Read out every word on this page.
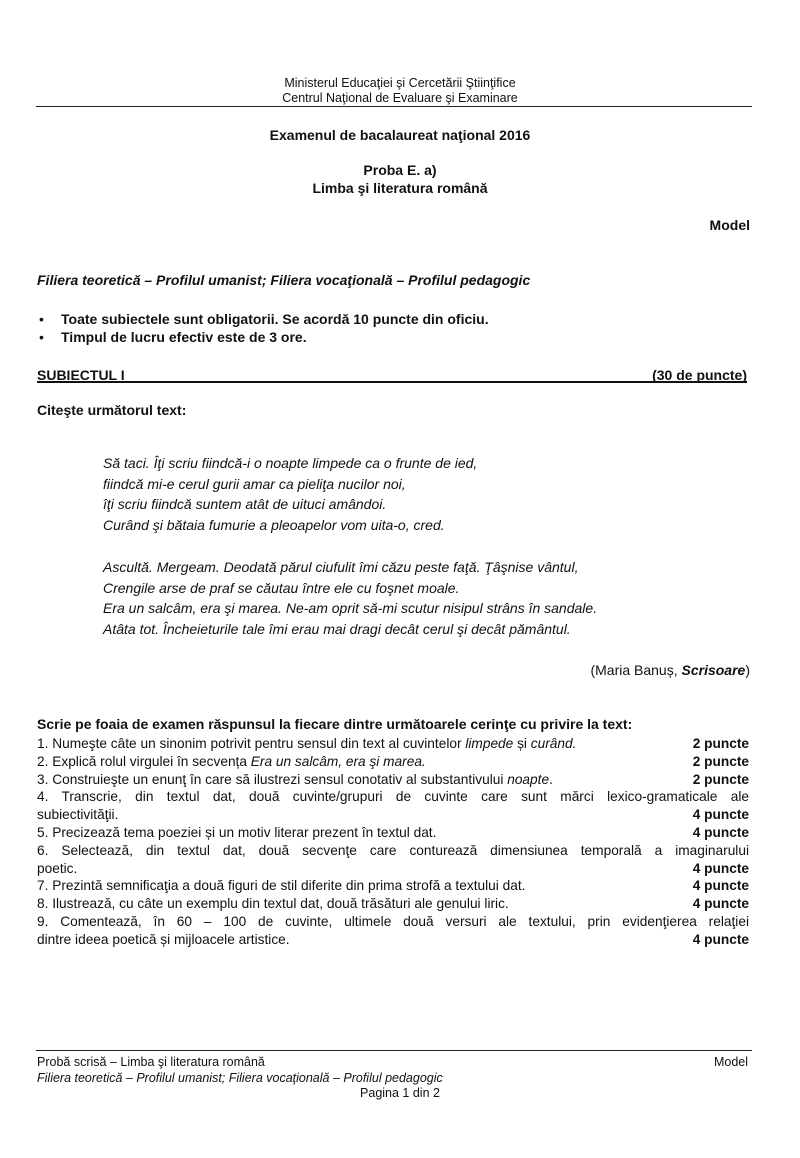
Ministerul Educaţiei şi Cercetării Ştiinţifice
Centrul Naţional de Evaluare şi Examinare
Examenul de bacalaureat naţional 2016
Proba E. a)
Limba şi literatura română
Model
Filiera teoretică – Profilul umanist; Filiera vocaţională – Profilul pedagogic
• Toate subiectele sunt obligatorii. Se acordă 10 puncte din oficiu.
• Timpul de lucru efectiv este de 3 ore.
SUBIECTUL I	(30 de puncte)
Citeşte următorul text:
Să taci. Îţi scriu fiindcă-i o noapte limpede ca o frunte de ied,
fiindcă mi-e cerul gurii amar ca pieliţa nucilor noi,
îţi scriu fiindcă suntem atât de uituci amândoi.
Curând şi bătaia fumurie a pleoapelor vom uita-o, cred.
Ascultă. Mergeam. Deodată părul ciufulit îmi căzu peste faţă. Ţâşnise vântul,
Crengile arse de praf se căutau între ele cu foşnet moale.
Era un salcâm, era şi marea. Ne-am oprit să-mi scutur nisipul strâns în sandale.
Atâta tot. Încheieturile tale îmi erau mai dragi decât cerul şi decât pământul.
(Maria Banuș, Scrisoare)
Scrie pe foaia de examen răspunsul la fiecare dintre următoarele cerinţe cu privire la text:
2 puncte
1. Numeşte câte un sinonim potrivit pentru sensul din text al cuvintelor limpede și curând.
2 puncte
2. Explică rolul virgulei în secvența Era un salcâm, era şi marea.
2 puncte
3. Construieşte un enunţ în care să ilustrezi sensul conotativ al substantivului noapte.
4. Transcrie, din textul dat, două cuvinte/grupuri de cuvinte care sunt mărci lexico-gramaticale ale
4 puncte
subiectivităţii.
4 puncte
5. Precizează tema poeziei și un motiv literar prezent în textul dat.
6. Selectează, din textul dat, două secvenţe care conturează dimensiunea temporală a imaginarului
4 puncte
poetic.
4 puncte
7. Prezintă semnificaţia a două figuri de stil diferite din prima strofă a textului dat.
4 puncte
8. Ilustrează, cu câte un exemplu din textul dat, două trăsături ale genului liric.
9. Comentează, în 60 – 100 de cuvinte, ultimele două versuri ale textului, prin evidenţierea relaţiei
4 puncte
dintre ideea poetică și mijloacele artistice.
Probă scrisă – Limba şi literatura română
Filiera teoretică – Profilul umanist; Filiera vocaţională – Profilul pedagogic
Model
Pagina 1 din 2
